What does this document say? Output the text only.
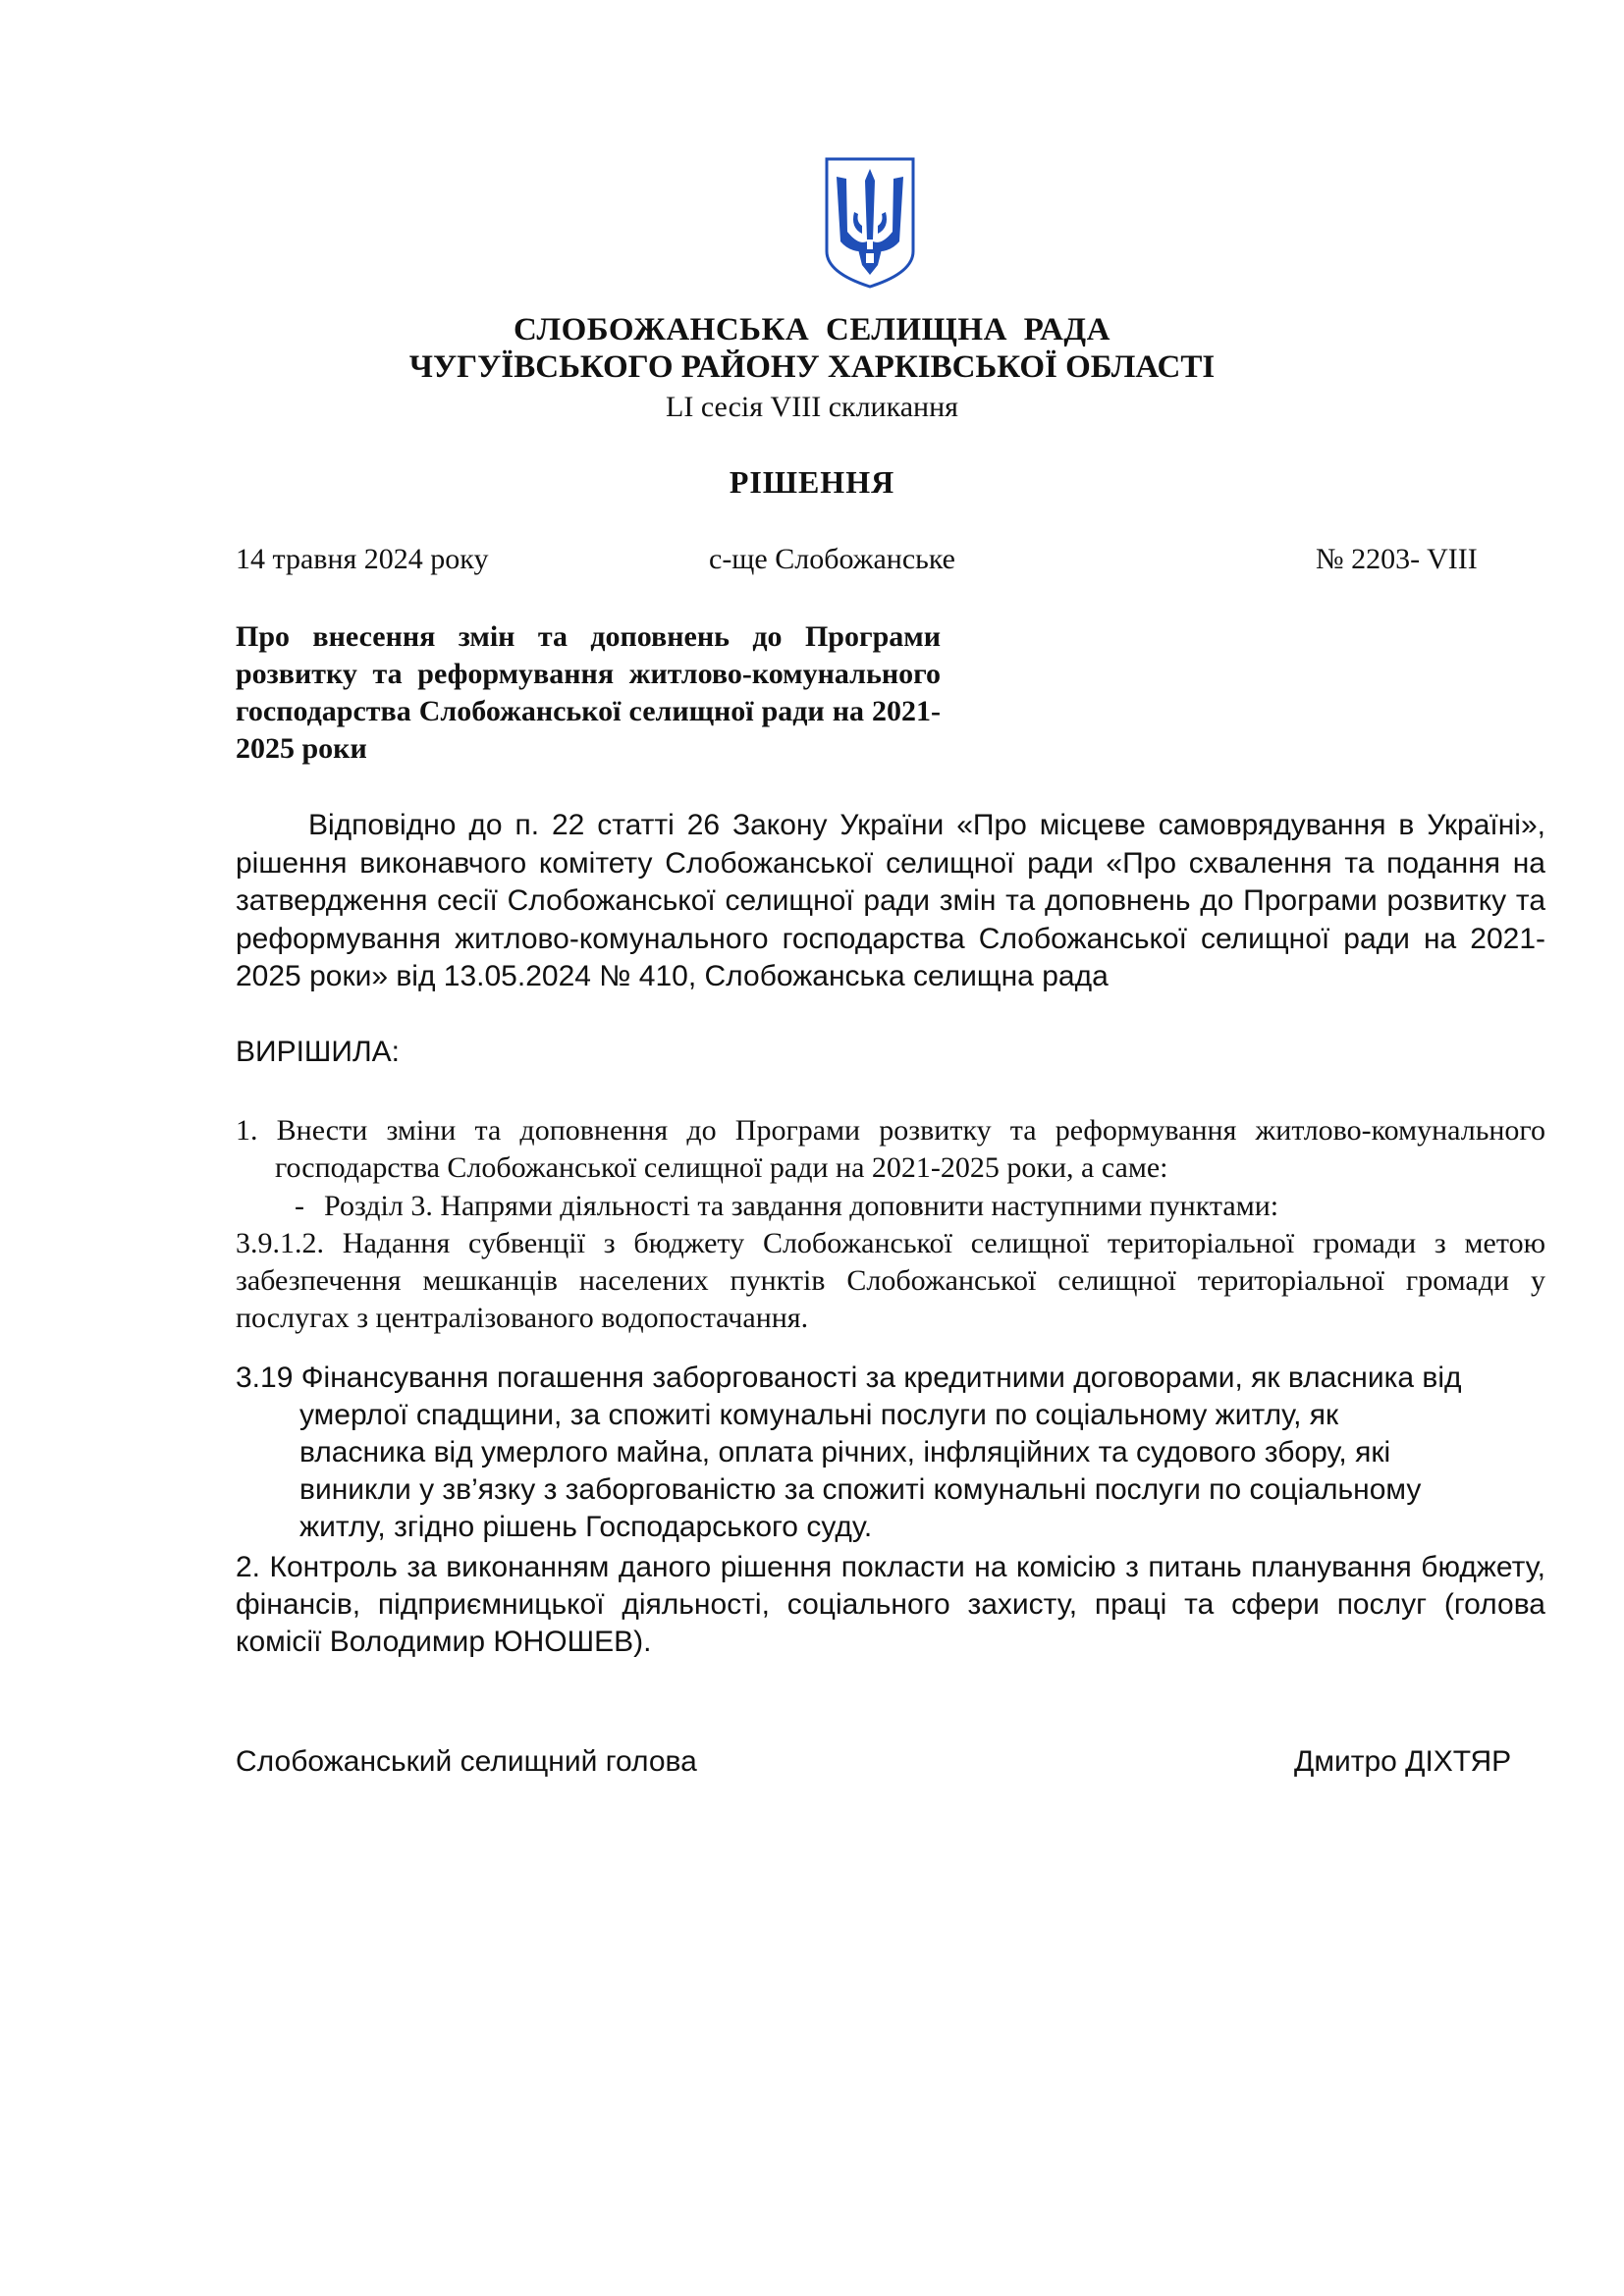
СЛОБОЖАНСЬКА СЕЛИЩНА РАДА

ЧУГУЇВСЬКОГО РАЙОНУ ХАРКІВСЬКОЇ ОБЛАСТІ

LI сесія VIII скликання

РІШЕННЯ

14 травня 2024 року	с-ще Слобожанське	№ 2203- VIII

Про внесення змін та доповнень до Програми розвитку та реформування житлово-комунального господарства Слобожанської селищної ради на 2021-2025 роки

Відповідно до п. 22 статті 26 Закону України «Про місцеве самоврядування в Україні», рішення виконавчого комітету Слобожанської селищної ради «Про схвалення та подання на затвердження сесії Слобожанської селищної ради змін та доповнень до Програми розвитку та реформування житлово-комунального господарства Слобожанської селищної ради на 2021-2025 роки» від 13.05.2024 № 410, Слобожанська селищна рада

ВИРІШИЛА:

1. Внести зміни та доповнення до Програми розвитку та реформування житлово-комунального господарства Слобожанської селищної ради на 2021-2025 роки, а саме:

- Розділ 3. Напрями діяльності та завдання доповнити наступними пунктами:

3.9.1.2. Надання субвенції з бюджету Слобожанської селищної територіальної громади з метою забезпечення мешканців населених пунктів Слобожанської селищної територіальної громади у послугах з централізованого водопостачання.

3.19 Фінансування погашення заборгованості за кредитними договорами, як власника від умерлої спадщини, за спожиті комунальні послуги по соціальному житлу, як власника від умерлого майна, оплата річних, інфляційних та судового збору, які виникли у зв’язку з заборгованістю за спожиті комунальні послуги по соціальному житлу, згідно рішень Господарського суду.

2. Контроль за виконанням даного рішення покласти на комісію з питань планування бюджету, фінансів, підприємницької діяльності, соціального захисту, праці та сфери послуг (голова комісії Володимир ЮНОШЕВ).

Слобожанський селищний голова	Дмитро ДІХТЯР
